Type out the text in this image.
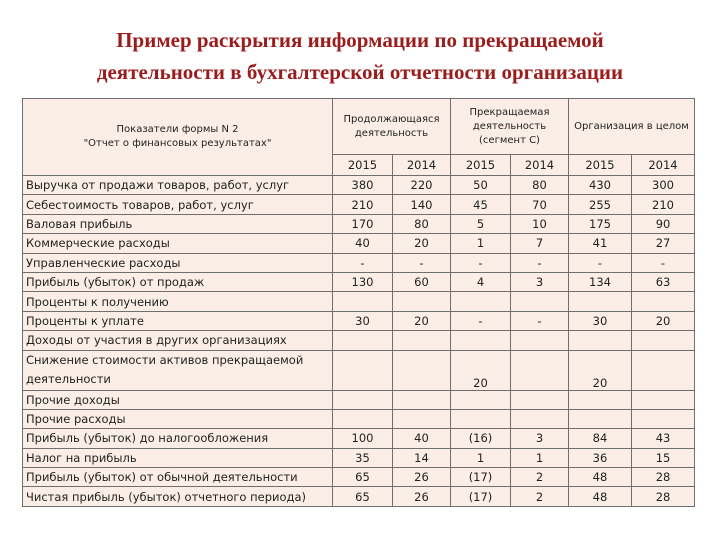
Пример раскрытия информации по прекращаемой
деятельности в бухгалтерской отчетности организации
Показатели формы N 2
"Отчет о финансовых результатах"	Продолжающаяся деятельность		Прекращаемая деятельность (сегмент С)		Организация в целом	
	2015	2014	2015	2014	2015	2014
Выручка от продажи товаров, работ, услуг	380	220	50	80	430	300
Себестоимость товаров, работ, услуг	210	140	45	70	255	210
Валовая прибыль	170	80	5	10	175	90
Коммерческие расходы	40	20	1	7	41	27
Управленческие расходы	-	-	-	-	-	-
Прибыль (убыток) от продаж	130	60	4	3	134	63
Проценты к получению						
Проценты к уплате	30	20	-	-	30	20
Доходы от участия в других организациях						
Снижение стоимости активов прекращаемой деятельности			20		20	
Прочие доходы						
Прочие расходы						
Прибыль (убыток) до налогообложения	100	40	(16)	3	84	43
Налог на прибыль	35	14	1	1	36	15
Прибыль (убыток) от обычной деятельности	65	26	(17)	2	48	28
Чистая прибыль (убыток) отчетного периода)	65	26	(17)	2	48	28
